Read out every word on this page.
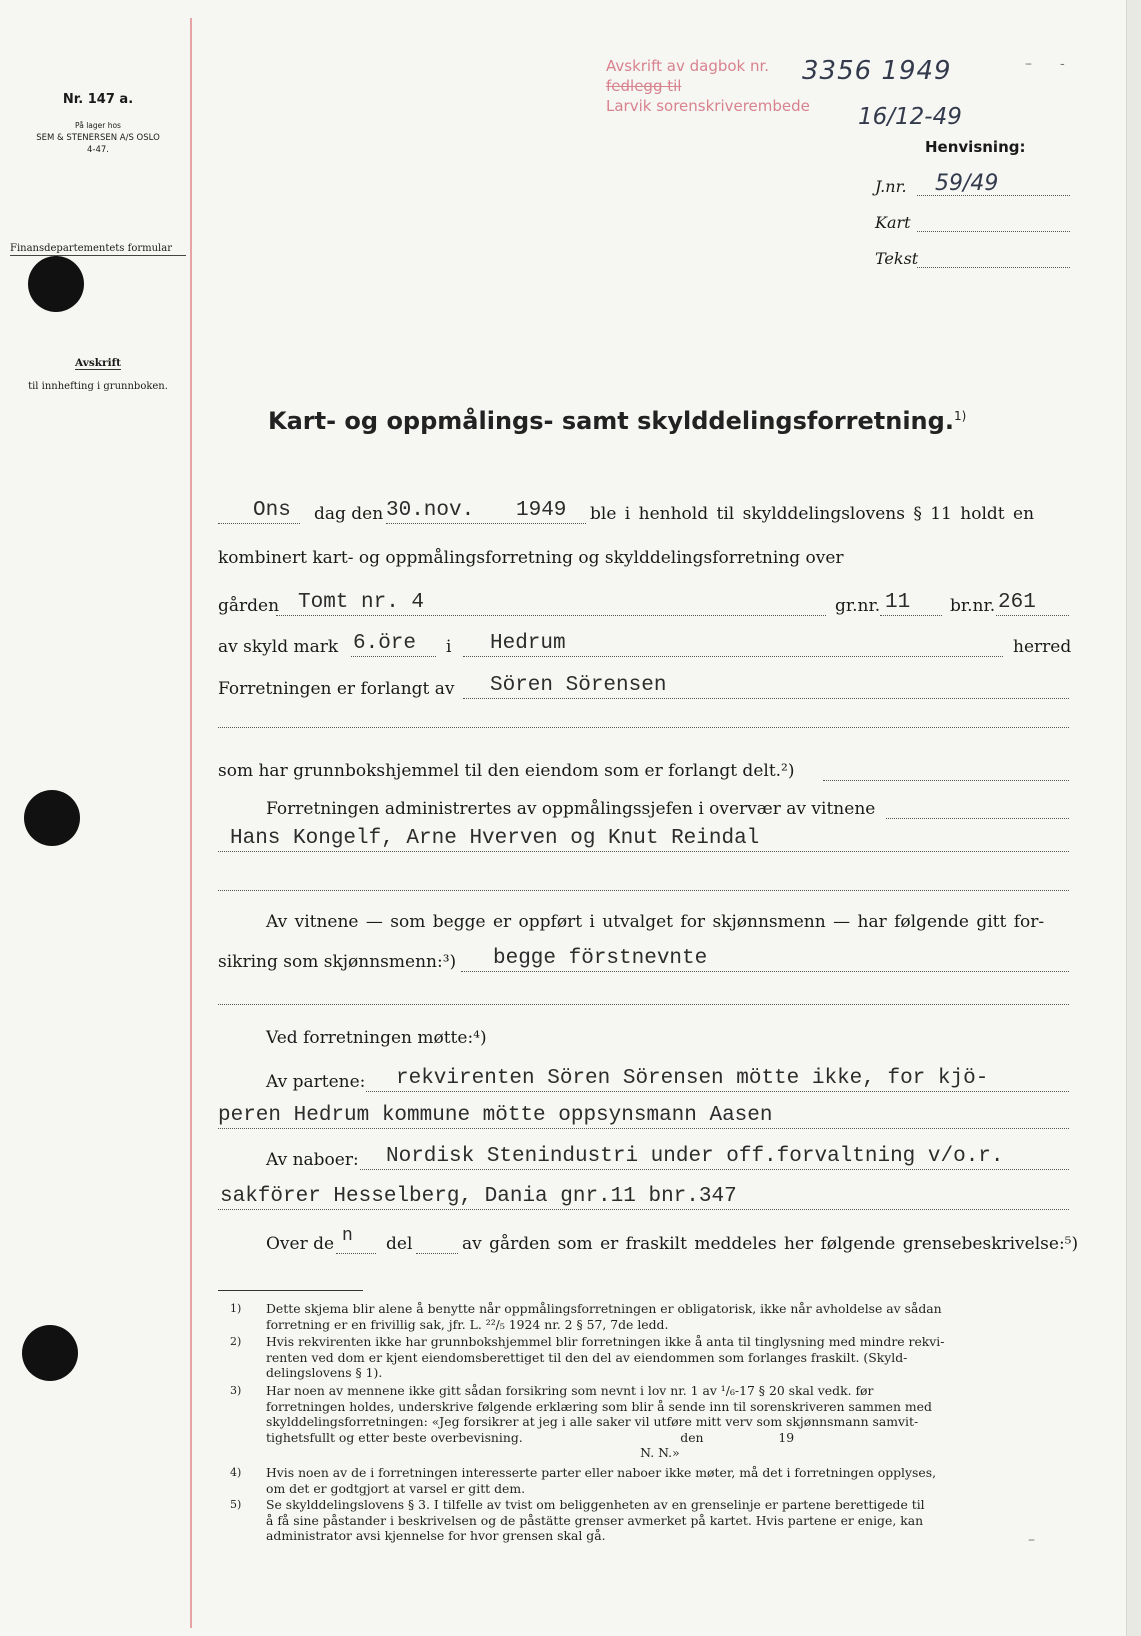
Nr. 147 a.
På lager hos
SEM & STENERSEN A/S OSLO
4-47.
Finansdepartementets formular
Avskrift
til innhefting i grunnboken.
Avskrift av dagbok nr.
fedlegg til
Larvik sorenskriverembede
3356 1949
16/12-49
– -
Henvisning:
J.nr. 59/49
Kart
Tekst
Kart- og oppmålings- samt skylddelingsforretning.$^{1)}$
Ons dag den 30.nov. 1949 ble i henhold til skylddelingslovens § 11 holdt en
kombinert kart- og oppmålingsforretning og skylddelingsforretning over
gården Tomt nr. 4	gr.nr. 11 br.nr. 261
av skyld mark 6.öre i Hedrum	herred
Forretningen er forlangt av Sören Sörensen
som har grunnbokshjemmel til den eiendom som er forlangt delt.²)
Forretningen administrertes av oppmålingssjefen i overvær av vitnene
Hans Kongelf, Arne Hverven og Knut Reindal
Av vitnene — som begge er oppført i utvalget for skjønnsmenn — har følgende gitt for-
sikring som skjønnsmenn:³) begge förstnevnte
Ved forretningen møtte:⁴)
Av partene: rekvirenten Sören Sörensen mötte ikke, for kjö-
peren Hedrum kommune mötte oppsynsmann Aasen
Av naboer: Nordisk Stenindustri under off.forvaltning v/o.r.
sakförer Hesselberg, Dania gnr.11 bnr.347
Over de n del	av gården som er fraskilt meddeles her følgende grensebeskrivelse:⁵)
1) Dette skjema blir alene å benytte når oppmålingsforretningen er obligatorisk, ikke når avholdelse av sådan
forretning er en frivillig sak, jfr. L. ²²/₅ 1924 nr. 2 § 57, 7de ledd.
2) Hvis rekvirenten ikke har grunnbokshjemmel blir forretningen ikke å anta til tinglysning med mindre rekvi-
renten ved dom er kjent eiendomsberettiget til den del av eiendommen som forlanges fraskilt. (Skyld-
delingslovens § 1).
3) Har noen av mennene ikke gitt sådan forsikring som nevnt i lov nr. 1 av ¹/₆-17 § 20 skal vedk. før
forretningen holdes, underskrive følgende erklæring som blir å sende inn til sorenskriveren sammen med
skylddelingsforretningen: «Jeg forsikrer at jeg i alle saker vil utføre mitt verv som skjønnsmann samvit-
tighetsfullt og etter beste overbevisning.                                        den                   19
N. N.»
4) Hvis noen av de i forretningen interesserte parter eller naboer ikke møter, må det i forretningen opplyses,
om det er godtgjort at varsel er gitt dem.
5) Se skylddelingslovens § 3. I tilfelle av tvist om beliggenheten av en grenselinje er partene berettigede til
å få sine påstander i beskrivelsen og de påstätte grenser avmerket på kartet. Hvis partene er enige, kan
administrator avsi kjennelse for hvor grensen skal gå.	–
